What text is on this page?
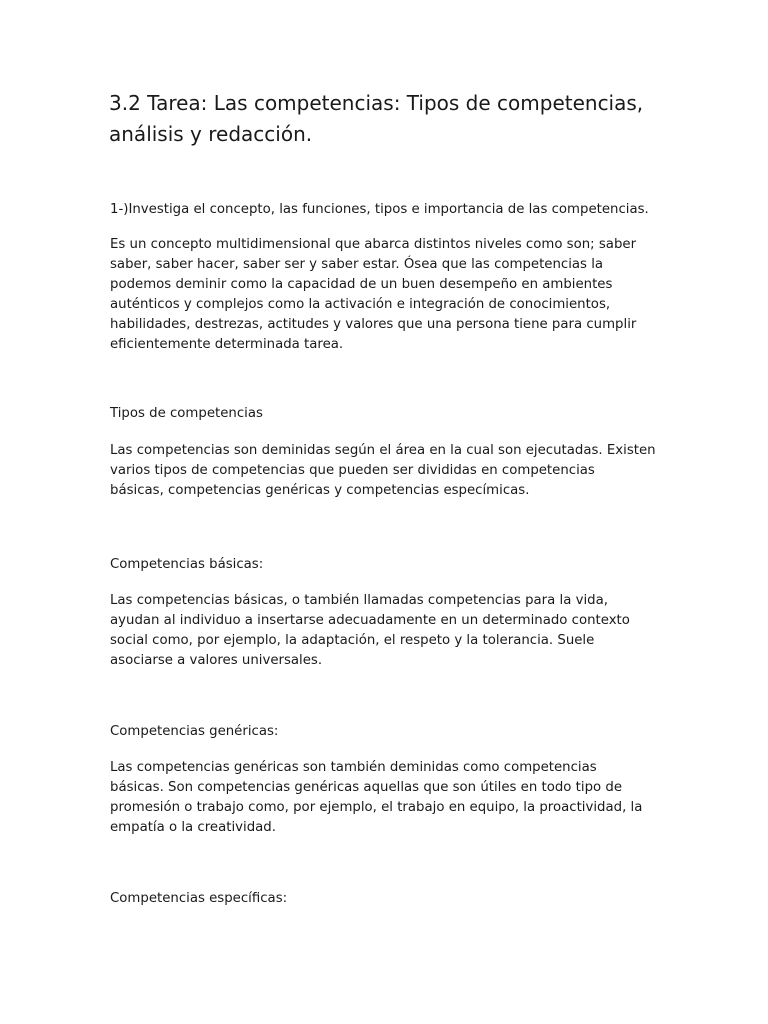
3.2 Tarea: Las competencias: Tipos de competencias,
análisis y redacción.

1-)Investiga el concepto, las funciones, tipos e importancia de las competencias.

Es un concepto multidimensional que abarca distintos niveles como son; saber
saber, saber hacer, saber ser y saber estar. Ósea que las competencias la
podemos deminir como la capacidad de un buen desempeño en ambientes
auténticos y complejos como la activación e integración de conocimientos,
habilidades, destrezas, actitudes y valores que una persona tiene para cumplir
eficientemente determinada tarea.

Tipos de competencias

Las competencias son deminidas según el área en la cual son ejecutadas. Existen
varios tipos de competencias que pueden ser divididas en competencias
básicas, competencias genéricas y competencias especímicas.

Competencias básicas:

Las competencias básicas, o también llamadas competencias para la vida,
ayudan al individuo a insertarse adecuadamente en un determinado contexto
social como, por ejemplo, la adaptación, el respeto y la tolerancia. Suele
asociarse a valores universales.

Competencias genéricas:

Las competencias genéricas son también deminidas como competencias
básicas. Son competencias genéricas aquellas que son útiles en todo tipo de
promesión o trabajo como, por ejemplo, el trabajo en equipo, la proactividad, la
empatía o la creatividad.

Competencias específicas:
